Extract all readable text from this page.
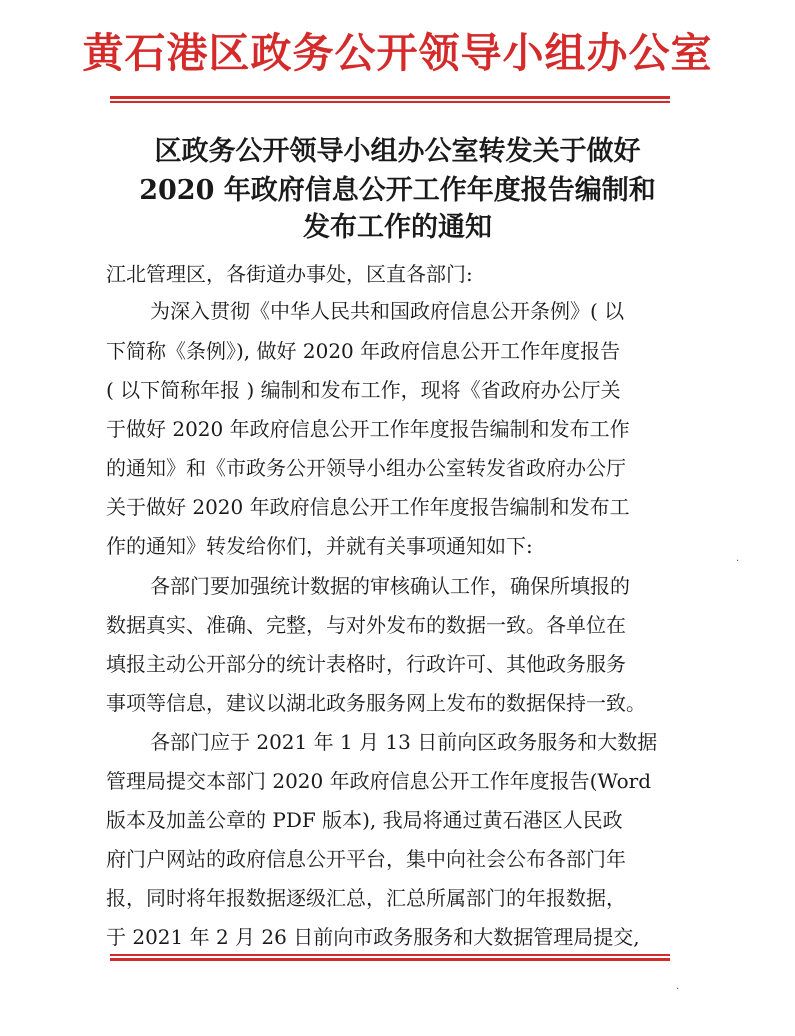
黄石港区政务公开领导小组办公室
区政务公开领导小组办公室转发关于做好
2020 年政府信息公开工作年度报告编制和
发布工作的通知
江北管理区，各街道办事处，区直各部门:
为深入贯彻《中华人民共和国政府信息公开条例》( 以
下简称《条例》), 做好 2020 年政府信息公开工作年度报告
( 以下简称年报 ) 编制和发布工作，现将《省政府办公厅关
于做好 2020 年政府信息公开工作年度报告编制和发布工作
的通知》和《市政务公开领导小组办公室转发省政府办公厅
关于做好 2020 年政府信息公开工作年度报告编制和发布工
作的通知》转发给你们，并就有关事项通知如下:
各部门要加强统计数据的审核确认工作，确保所填报的
数据真实、准确、完整，与对外发布的数据一致。各单位在
填报主动公开部分的统计表格时，行政许可、其他政务服务
事项等信息，建议以湖北政务服务网上发布的数据保持一致。
各部门应于 2021 年 1 月 13 日前向区政务服务和大数据
管理局提交本部门 2020 年政府信息公开工作年度报告(Word
版本及加盖公章的 PDF 版本), 我局将通过黄石港区人民政
府门户网站的政府信息公开平台，集中向社会公布各部门年
报，同时将年报数据逐级汇总，汇总所属部门的年报数据，
于 2021 年 2 月 26 日前向市政务服务和大数据管理局提交,
·
·
